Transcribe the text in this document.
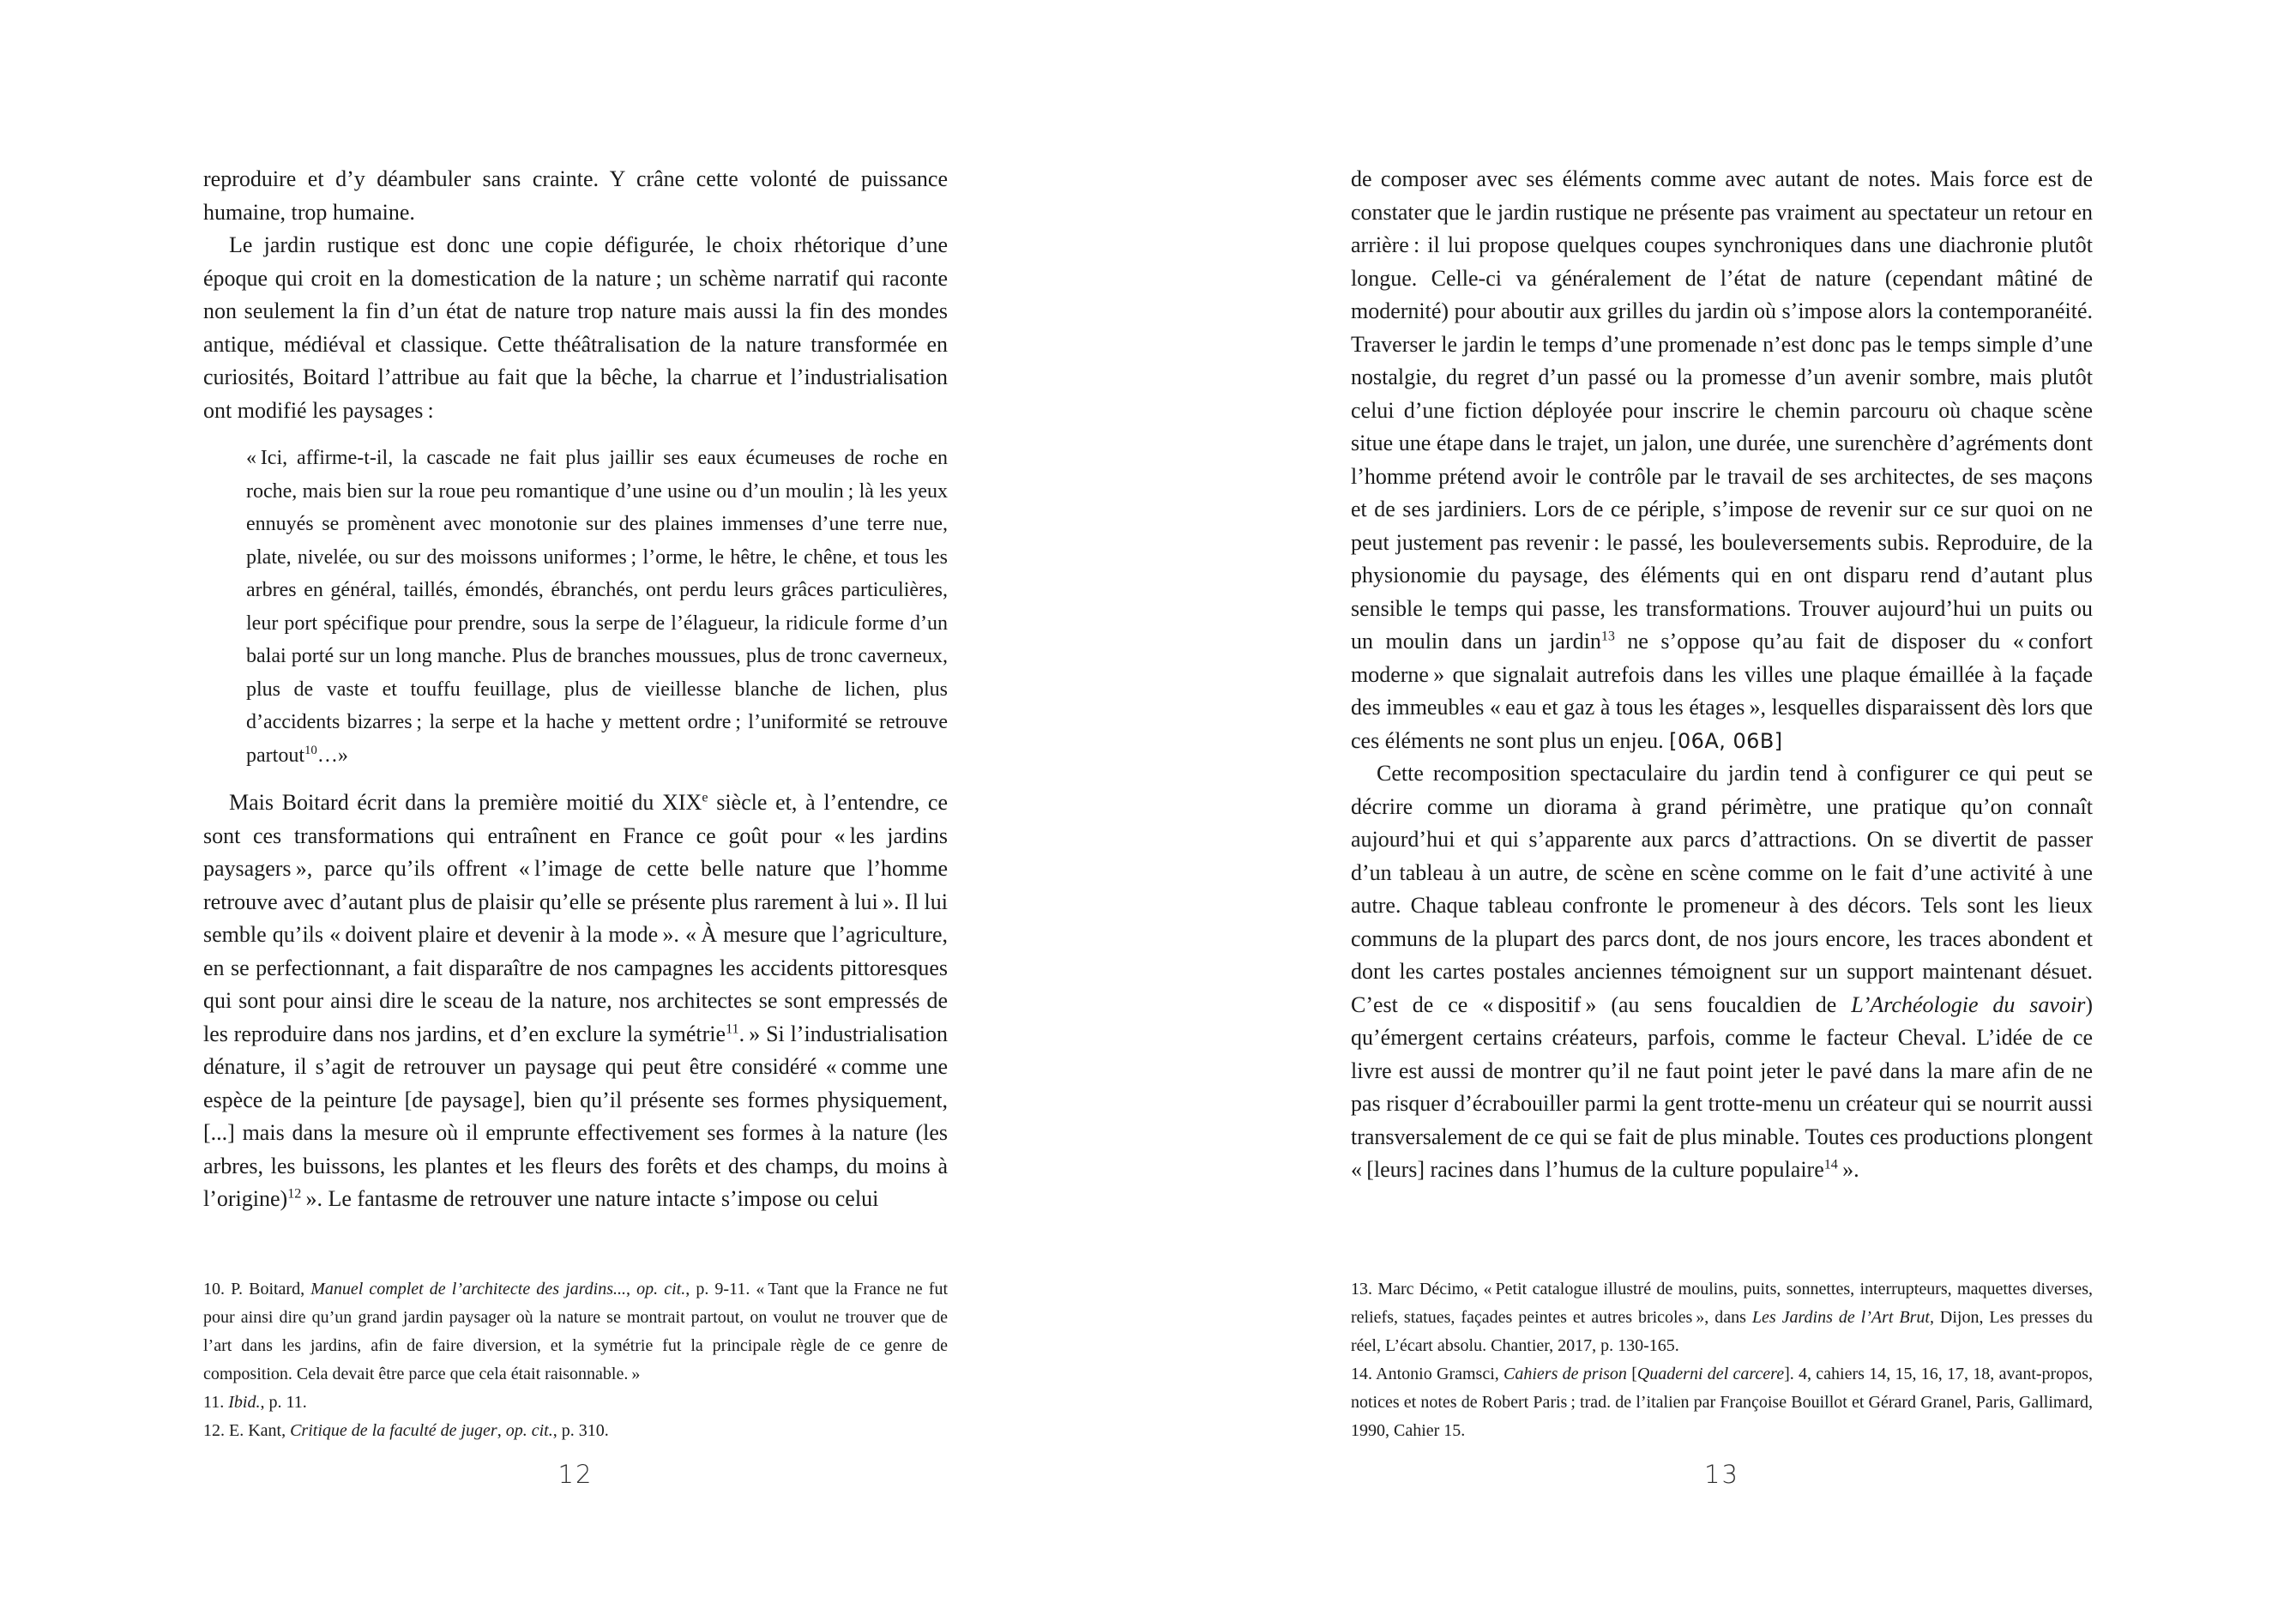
reproduire et d’y déambuler sans crainte. Y crâne cette volonté de puissance humaine, trop humaine.

Le jardin rustique est donc une copie défigurée, le choix rhétorique d’une époque qui croit en la domestication de la nature ; un schème narratif qui raconte non seulement la fin d’un état de nature trop nature mais aussi la fin des mondes antique, médiéval et classique. Cette théâtralisation de la nature transformée en curiosités, Boitard l’attribue au fait que la bêche, la charrue et l’industrialisation ont modifié les paysages :

« Ici, affirme-t-il, la cascade ne fait plus jaillir ses eaux écumeuses de roche en roche, mais bien sur la roue peu romantique d’une usine ou d’un moulin ; là les yeux ennuyés se promènent avec monotonie sur des plaines immenses d’une terre nue, plate, nivelée, ou sur des moissons uniformes ; l’orme, le hêtre, le chêne, et tous les arbres en général, taillés, émondés, ébranchés, ont perdu leurs grâces particulières, leur port spécifique pour prendre, sous la serpe de l’élagueur, la ridicule forme d’un balai porté sur un long manche. Plus de branches moussues, plus de tronc caverneux, plus de vaste et touffu feuillage, plus de vieillesse blanche de lichen, plus d’accidents bizarres ; la serpe et la hache y mettent ordre ; l’uniformité se retrouve partout$^{10}$…»

Mais Boitard écrit dans la première moitié du XIXe siècle et, à l’entendre, ce sont ces transformations qui entraînent en France ce goût pour « les jardins paysagers », parce qu’ils offrent « l’image de cette belle nature que l’homme retrouve avec d’autant plus de plaisir qu’elle se présente plus rarement à lui ». Il lui semble qu’ils « doivent plaire et devenir à la mode ». « À mesure que l’agriculture, en se perfectionnant, a fait disparaître de nos campagnes les accidents pittoresques qui sont pour ainsi dire le sceau de la nature, nos architectes se sont empressés de les reproduire dans nos jardins, et d’en exclure la symétrie$^{11}$. » Si l’industrialisation dénature, il s’agit de retrouver un paysage qui peut être considéré « comme une espèce de la peinture [de paysage], bien qu’il présente ses formes physiquement, [...] mais dans la mesure où il emprunte effectivement ses formes à la nature (les arbres, les buissons, les plantes et les fleurs des forêts et des champs, du moins à l’origine)$^{12}$ ». Le fantasme de retrouver une nature intacte s’impose ou celui

10. P. Boitard, Manuel complet de l’architecte des jardins..., op. cit., p. 9-11. « Tant que la France ne fut pour ainsi dire qu’un grand jardin paysager où la nature se montrait partout, on voulut ne trouver que de l’art dans les jardins, afin de faire diversion, et la symétrie fut la principale règle de ce genre de composition. Cela devait être parce que cela était raisonnable. »

11. Ibid., p. 11.

12. E. Kant, Critique de la faculté de juger, op. cit., p. 310.

12

de composer avec ses éléments comme avec autant de notes. Mais force est de constater que le jardin rustique ne présente pas vraiment au spectateur un retour en arrière : il lui propose quelques coupes synchroniques dans une diachronie plutôt longue. Celle-ci va généralement de l’état de nature (cependant mâtiné de modernité) pour aboutir aux grilles du jardin où s’impose alors la contemporanéité. Traverser le jardin le temps d’une promenade n’est donc pas le temps simple d’une nostalgie, du regret d’un passé ou la promesse d’un avenir sombre, mais plutôt celui d’une fiction déployée pour inscrire le chemin parcouru où chaque scène situe une étape dans le trajet, un jalon, une durée, une surenchère d’agréments dont l’homme prétend avoir le contrôle par le travail de ses architectes, de ses maçons et de ses jardiniers. Lors de ce périple, s’impose de revenir sur ce sur quoi on ne peut justement pas revenir : le passé, les bouleversements subis. Reproduire, de la physionomie du paysage, des éléments qui en ont disparu rend d’autant plus sensible le temps qui passe, les transformations. Trouver aujourd’hui un puits ou un moulin dans un jardin$^{13}$ ne s’oppose qu’au fait de disposer du « confort moderne » que signalait autrefois dans les villes une plaque émaillée à la façade des immeubles « eau et gaz à tous les étages », lesquelles disparaissent dès lors que ces éléments ne sont plus un enjeu. [06A, 06B]

Cette recomposition spectaculaire du jardin tend à configurer ce qui peut se décrire comme un diorama à grand périmètre, une pratique qu’on connaît aujourd’hui et qui s’apparente aux parcs d’attractions. On se divertit de passer d’un tableau à un autre, de scène en scène comme on le fait d’une activité à une autre. Chaque tableau confronte le promeneur à des décors. Tels sont les lieux communs de la plupart des parcs dont, de nos jours encore, les traces abondent et dont les cartes postales anciennes témoignent sur un support maintenant désuet. C’est de ce « dispositif » (au sens foucaldien de L’Archéologie du savoir) qu’émergent certains créateurs, parfois, comme le facteur Cheval. L’idée de ce livre est aussi de montrer qu’il ne faut point jeter le pavé dans la mare afin de ne pas risquer d’écrabouiller parmi la gent trotte-menu un créateur qui se nourrit aussi transversalement de ce qui se fait de plus minable. Toutes ces productions plongent « [leurs] racines dans l’humus de la culture populaire$^{14}$ ».

13. Marc Décimo, « Petit catalogue illustré de moulins, puits, sonnettes, interrupteurs, maquettes diverses, reliefs, statues, façades peintes et autres bricoles », dans Les Jardins de l’Art Brut, Dijon, Les presses du réel, L’écart absolu. Chantier, 2017, p. 130-165.

14. Antonio Gramsci, Cahiers de prison [Quaderni del carcere]. 4, cahiers 14, 15, 16, 17, 18, avant-propos, notices et notes de Robert Paris ; trad. de l’italien par Françoise Bouillot et Gérard Granel, Paris, Gallimard, 1990, Cahier 15.

13
